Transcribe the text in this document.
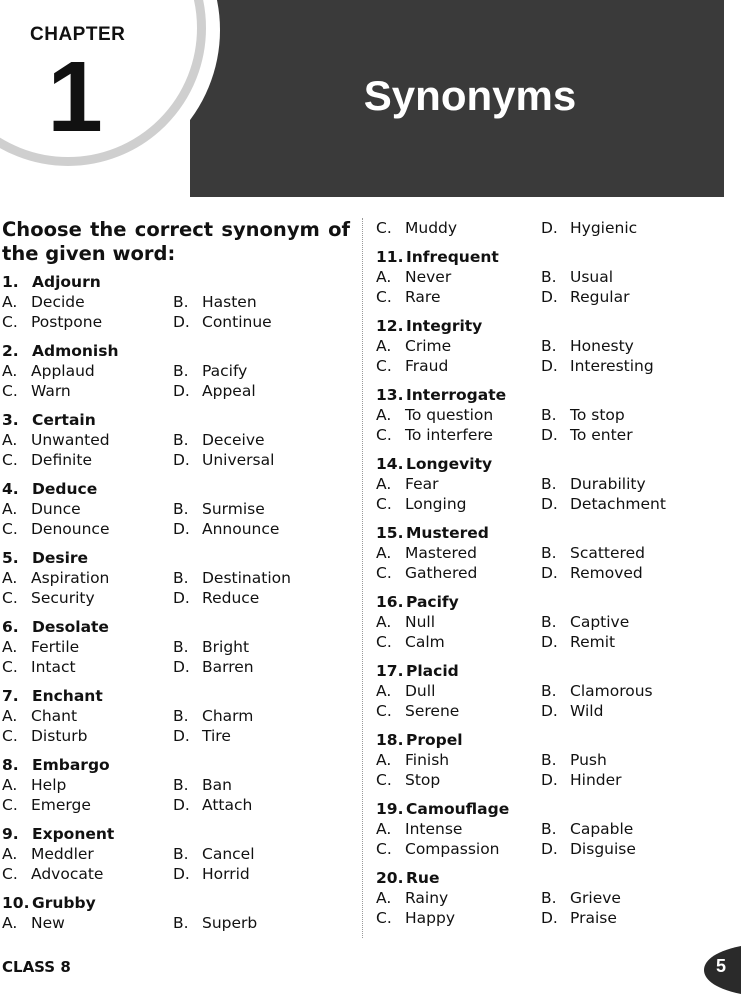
CHAPTER
1	Synonyms
Choose the correct synonym of the given word:
1. Adjourn
A. Decide	B. Hasten
C. Postpone	D. Continue
2. Admonish
A. Applaud	B. Pacify
C. Warn	D. Appeal
3. Certain
A. Unwanted	B. Deceive
C. Definite	D. Universal
4. Deduce
A. Dunce	B. Surmise
C. Denounce	D. Announce
5. Desire
A. Aspiration	B. Destination
C. Security	D. Reduce
6. Desolate
A. Fertile	B. Bright
C. Intact	D. Barren
7. Enchant
A. Chant	B. Charm
C. Disturb	D. Tire
8. Embargo
A. Help	B. Ban
C. Emerge	D. Attach
9. Exponent
A. Meddler	B. Cancel
C. Advocate	D. Horrid
10. Grubby
A. New	B. Superb
C. Muddy	D. Hygienic
11. Infrequent
A. Never	B. Usual
C. Rare	D. Regular
12. Integrity
A. Crime	B. Honesty
C. Fraud	D. Interesting
13. Interrogate
A. To question	B. To stop
C. To interfere	D. To enter
14. Longevity
A. Fear	B. Durability
C. Longing	D. Detachment
15. Mustered
A. Mastered	B. Scattered
C. Gathered	D. Removed
16. Pacify
A. Null	B. Captive
C. Calm	D. Remit
17. Placid
A. Dull	B. Clamorous
C. Serene	D. Wild
18. Propel
A. Finish	B. Push
C. Stop	D. Hinder
19. Camouflage
A. Intense	B. Capable
C. Compassion	D. Disguise
20. Rue
A. Rainy	B. Grieve
C. Happy	D. Praise
CLASS 8	5
